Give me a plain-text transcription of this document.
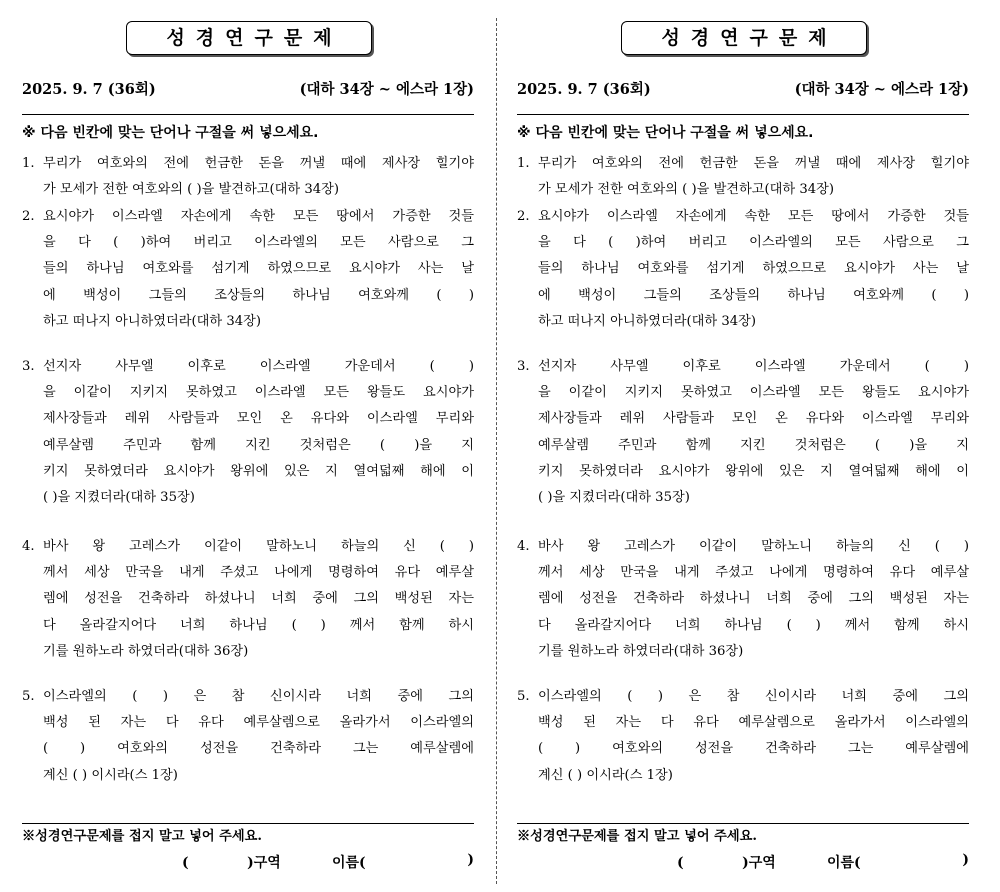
성경연구문제
2025. 9. 7 (36회)	(대하 34장 ~ 에스라 1장)
※ 다음 빈칸에 맞는 단어나 구절을 써 넣으세요.
1. 무리가 여호와의 전에 헌금한 돈을 꺼낼 때에 제사장 힐기야
가 모세가 전한 여호와의 ( )을 발견하고(대하 34장)
2. 요시야가 이스라엘 자손에게 속한 모든 땅에서 가증한 것들
을 다 ( )하여 버리고 이스라엘의 모든 사람으로 그
들의 하나님 여호와를 섬기게 하였으므로 요시야가 사는 날
에 백성이 그들의 조상들의 하나님 여호와께 ( )
하고 떠나지 아니하였더라(대하 34장)
3. 선지자 사무엘 이후로 이스라엘 가운데서 ( )
을 이같이 지키지 못하였고 이스라엘 모든 왕들도 요시야가
제사장들과 레위 사람들과 모인 온 유다와 이스라엘 무리와
예루살렘 주민과 함께 지킨 것처럼은 ( )을 지
키지 못하였더라 요시야가 왕위에 있은 지 열여덟째 해에 이
( )을 지켰더라(대하 35장)
4. 바사 왕 고레스가 이같이 말하노니 하늘의 신 ( )
께서 세상 만국을 내게 주셨고 나에게 명령하여 유다 예루살
렘에 성전을 건축하라 하셨나니 너희 중에 그의 백성된 자는
다 올라갈지어다 너희 하나님 ( ) 께서 함께 하시
기를 원하노라 하였더라(대하 36장)
5. 이스라엘의 ( ) 은 참 신이시라 너희 중에 그의
백성 된 자는 다 유다 예루살렘으로 올라가서 이스라엘의
( ) 여호와의 성전을 건축하라 그는 예루살렘에
계신 ( ) 이시라(스 1장)
※성경연구문제를 접지 말고 넣어 주세요.
(            )구역	이름(	)
성경연구문제
2025. 9. 7 (36회)	(대하 34장 ~ 에스라 1장)
※ 다음 빈칸에 맞는 단어나 구절을 써 넣으세요.
1. 무리가 여호와의 전에 헌금한 돈을 꺼낼 때에 제사장 힐기야
가 모세가 전한 여호와의 ( )을 발견하고(대하 34장)
2. 요시야가 이스라엘 자손에게 속한 모든 땅에서 가증한 것들
을 다 ( )하여 버리고 이스라엘의 모든 사람으로 그
들의 하나님 여호와를 섬기게 하였으므로 요시야가 사는 날
에 백성이 그들의 조상들의 하나님 여호와께 ( )
하고 떠나지 아니하였더라(대하 34장)
3. 선지자 사무엘 이후로 이스라엘 가운데서 ( )
을 이같이 지키지 못하였고 이스라엘 모든 왕들도 요시야가
제사장들과 레위 사람들과 모인 온 유다와 이스라엘 무리와
예루살렘 주민과 함께 지킨 것처럼은 ( )을 지
키지 못하였더라 요시야가 왕위에 있은 지 열여덟째 해에 이
( )을 지켰더라(대하 35장)
4. 바사 왕 고레스가 이같이 말하노니 하늘의 신 ( )
께서 세상 만국을 내게 주셨고 나에게 명령하여 유다 예루살
렘에 성전을 건축하라 하셨나니 너희 중에 그의 백성된 자는
다 올라갈지어다 너희 하나님 ( ) 께서 함께 하시
기를 원하노라 하였더라(대하 36장)
5. 이스라엘의 ( ) 은 참 신이시라 너희 중에 그의
백성 된 자는 다 유다 예루살렘으로 올라가서 이스라엘의
( ) 여호와의 성전을 건축하라 그는 예루살렘에
계신 ( ) 이시라(스 1장)
※성경연구문제를 접지 말고 넣어 주세요.
(            )구역	이름(	)
